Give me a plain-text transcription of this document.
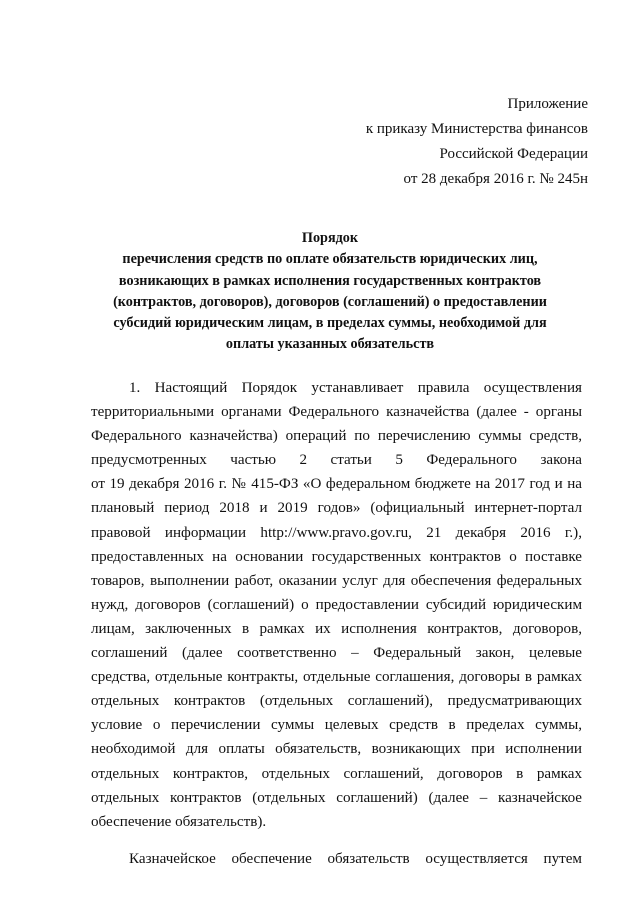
Приложение
к приказу Министерства финансов
Российской Федерации
от 28 декабря 2016 г. № 245н
Порядок
перечисления средств по оплате обязательств юридических лиц,
возникающих в рамках исполнения государственных контрактов
(контрактов, договоров), договоров (соглашений) о предоставлении
субсидий юридическим лицам, в пределах суммы, необходимой для
оплаты указанных обязательств
1. Настоящий Порядок устанавливает правила осуществления
территориальными органами Федерального казначейства (далее - органы
Федерального казначейства) операций по перечислению суммы средств,
предусмотренных частью 2 статьи 5 Федерального закона
от 19 декабря 2016 г. № 415-ФЗ «О федеральном бюджете на 2017 год и на
плановый период 2018 и 2019 годов» (официальный интернет-портал
правовой информации http://www.pravo.gov.ru, 21 декабря 2016 г.),
предоставленных на основании государственных контрактов о поставке
товаров, выполнении работ, оказании услуг для обеспечения федеральных
нужд, договоров (соглашений) о предоставлении субсидий юридическим
лицам, заключенных в рамках их исполнения контрактов, договоров,
соглашений (далее соответственно – Федеральный закон, целевые
средства, отдельные контракты, отдельные соглашения, договоры в рамках
отдельных контрактов (отдельных соглашений), предусматривающих
условие о перечислении суммы целевых средств в пределах суммы,
необходимой для оплаты обязательств, возникающих при исполнении
отдельных контрактов, отдельных соглашений, договоров в рамках
отдельных контрактов (отдельных соглашений) (далее – казначейское
обеспечение обязательств).
Казначейское обеспечение обязательств осуществляется путем
